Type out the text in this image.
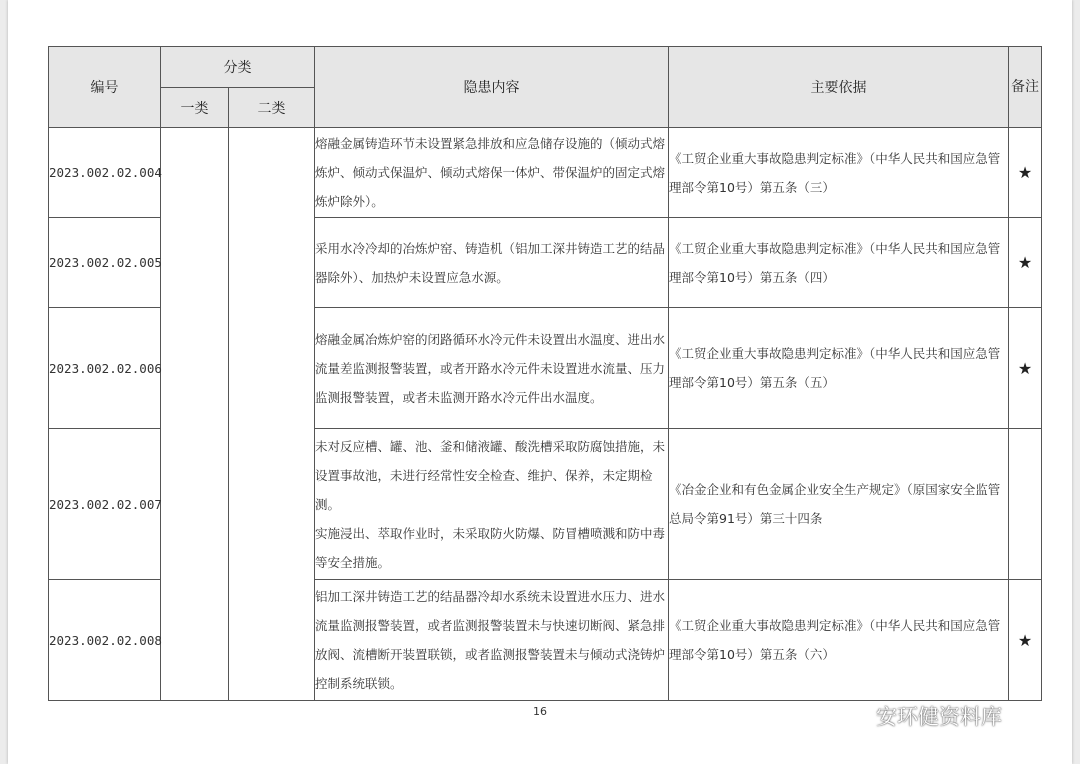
编号	分类		隐患内容	主要依据	备注
	一类	二类			
2023.002.02.004			熔融金属铸造环节未设置紧急排放和应急储存设施的（倾动式熔炼炉、倾动式保温炉、倾动式熔保一体炉、带保温炉的固定式熔炼炉除外）。	《工贸企业重大事故隐患判定标准》（中华人民共和国应急管理部令第10号）第五条（三）	★
2023.002.02.005			采用水冷冷却的冶炼炉窑、铸造机（铝加工深井铸造工艺的结晶器除外）、加热炉未设置应急水源。	《工贸企业重大事故隐患判定标准》（中华人民共和国应急管理部令第10号）第五条（四）	★
2023.002.02.006			熔融金属冶炼炉窑的闭路循环水冷元件未设置出水温度、进出水流量差监测报警装置，或者开路水冷元件未设置进水流量、压力监测报警装置，或者未监测开路水冷元件出水温度。	《工贸企业重大事故隐患判定标准》（中华人民共和国应急管理部令第10号）第五条（五）	★
2023.002.02.007			未对反应槽、罐、池、釜和储液罐、酸洗槽采取防腐蚀措施，未设置事故池，未进行经常性安全检查、维护、保养，未定期检测。
实施浸出、萃取作业时，未采取防火防爆、防冒槽喷溅和防中毒等安全措施。	《冶金企业和有色金属企业安全生产规定》（原国家安全监管总局令第91号）第三十四条	
2023.002.02.008			铝加工深井铸造工艺的结晶器冷却水系统未设置进水压力、进水流量监测报警装置，或者监测报警装置未与快速切断阀、紧急排放阀、流槽断开装置联锁，或者监测报警装置未与倾动式浇铸炉控制系统联锁。	《工贸企业重大事故隐患判定标准》（中华人民共和国应急管理部令第10号）第五条（六）	★
16	安环健资料库
